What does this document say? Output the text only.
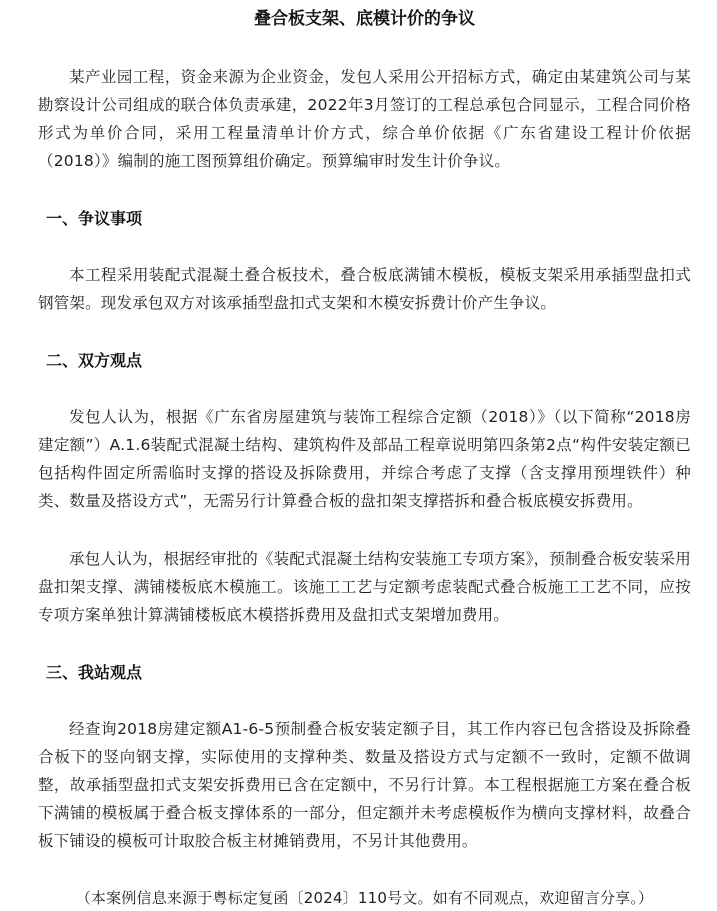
叠合板支架、底模计价的争议

某产业园工程，资金来源为企业资金，发包人采用公开招标方式，确定由某建筑公司与某勘察设计公司组成的联合体负责承建，2022年3月签订的工程总承包合同显示，工程合同价格形式为单价合同，采用工程量清单计价方式，综合单价依据《广东省建设工程计价依据（2018）》编制的施工图预算组价确定。预算编审时发生计价争议。

一、争议事项

本工程采用装配式混凝土叠合板技术，叠合板底满铺木模板，模板支架采用承插型盘扣式钢管架。现发承包双方对该承插型盘扣式支架和木模安拆费计价产生争议。

二、双方观点

发包人认为，根据《广东省房屋建筑与装饰工程综合定额（2018）》（以下简称“2018房建定额”）A.1.6装配式混凝土结构、建筑构件及部品工程章说明第四条第2点“构件安装定额已包括构件固定所需临时支撑的搭设及拆除费用，并综合考虑了支撑（含支撑用预埋铁件）种类、数量及搭设方式”，无需另行计算叠合板的盘扣架支撑搭拆和叠合板底模安拆费用。

承包人认为，根据经审批的《装配式混凝土结构安装施工专项方案》，预制叠合板安装采用盘扣架支撑、满铺楼板底木模施工。该施工工艺与定额考虑装配式叠合板施工工艺不同，应按专项方案单独计算满铺楼板底木模搭拆费用及盘扣式支架增加费用。

三、我站观点

经查询2018房建定额A1-6-5预制叠合板安装定额子目，其工作内容已包含搭设及拆除叠合板下的竖向钢支撑，实际使用的支撑种类、数量及搭设方式与定额不一致时，定额不做调整，故承插型盘扣式支架安拆费用已含在定额中，不另行计算。本工程根据施工方案在叠合板下满铺的模板属于叠合板支撑体系的一部分，但定额并未考虑模板作为横向支撑材料，故叠合板下铺设的模板可计取胶合板主材摊销费用，不另计其他费用。

（本案例信息来源于粤标定复函〔2024〕110号文。如有不同观点，欢迎留言分享。）
